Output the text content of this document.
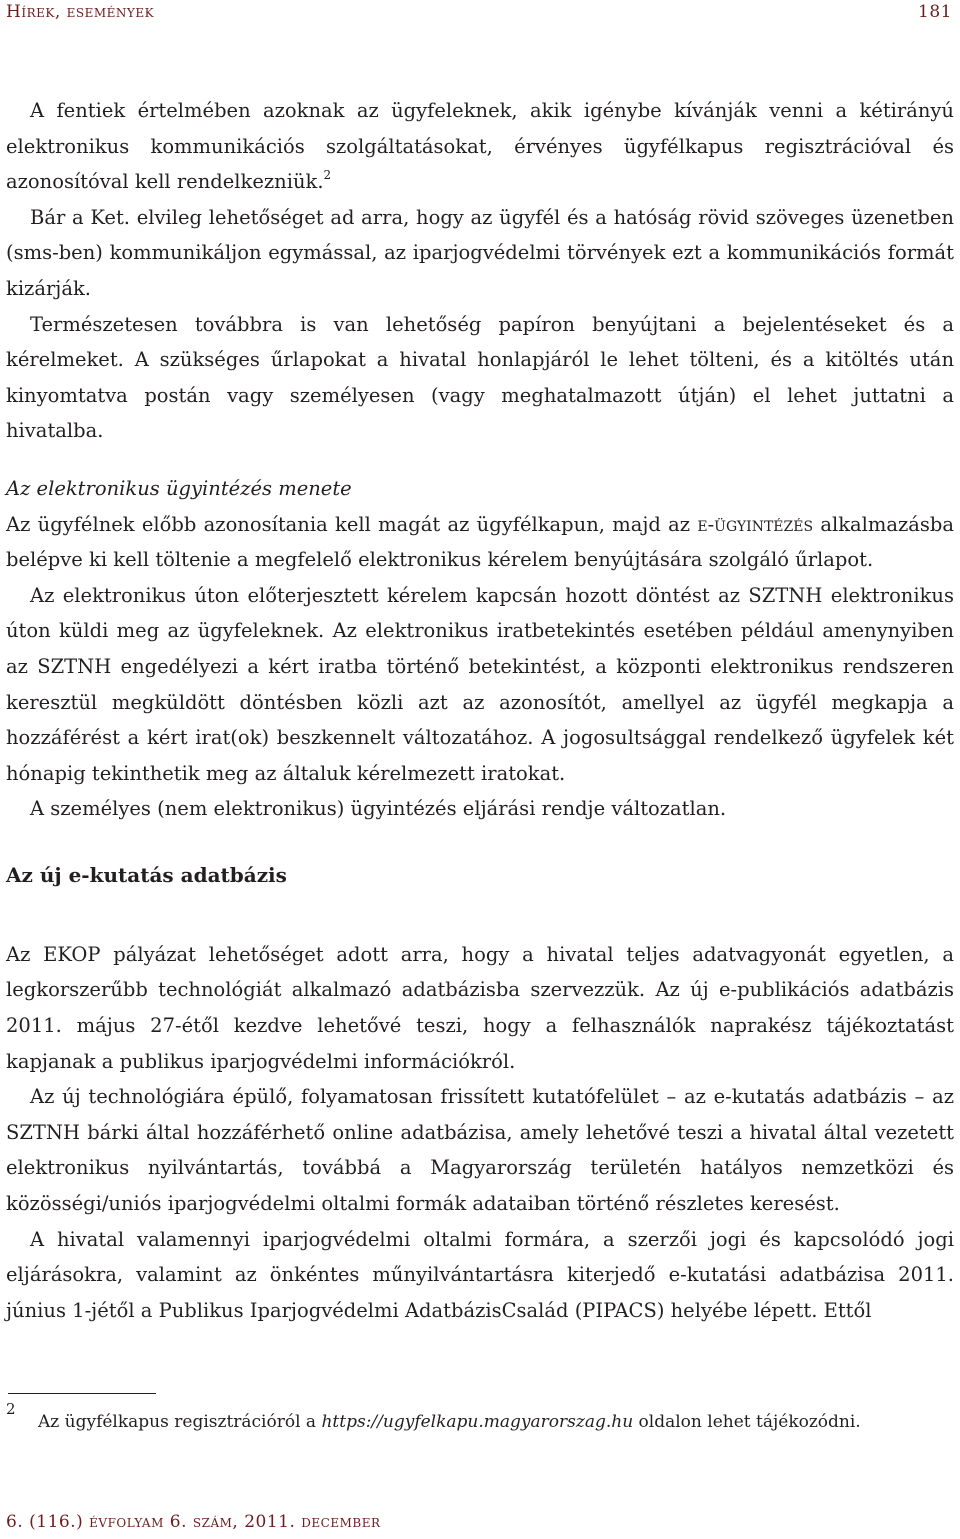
Hírek, események	181

A fentiek értelmében azoknak az ügyfeleknek, akik igénybe kívánják venni a kétirányú elektronikus kommunikációs szolgáltatásokat, érvényes ügyfélkapus regisztrációval és azonosítóval kell rendelkezniük.$^2$

Bár a Ket. elvileg lehetőséget ad arra, hogy az ügyfél és a hatóság rövid szöveges üzenetben (sms-ben) kommunikáljon egymással, az iparjogvédelmi törvények ezt a kommunikációs formát kizárják.

Természetesen továbbra is van lehetőség papíron benyújtani a bejelentéseket és a kérelmeket. A szükséges űrlapokat a hivatal honlapjáról le lehet tölteni, és a kitöltés után kinyomtatva postán vagy személyesen (vagy meghatalmazott útján) el lehet juttatni a hivatalba.

Az elektronikus ügyintézés menete

Az ügyfélnek előbb azonosítania kell magát az ügyfélkapun, majd az e-ügyintézés alkalmazásba belépve ki kell töltenie a megfelelő elektronikus kérelem benyújtására szolgáló űrlapot.

Az elektronikus úton előterjesztett kérelem kapcsán hozott döntést az SZTNH elektronikus úton küldi meg az ügyfeleknek. Az elektronikus iratbetekintés esetében például amenynyiben az SZTNH engedélyezi a kért iratba történő betekintést, a központi elektronikus rendszeren keresztül megküldött döntésben közli azt az azonosítót, amellyel az ügyfél megkapja a hozzáférést a kért irat(ok) beszkennelt változatához. A jogosultsággal rendelkező ügyfelek két hónapig tekinthetik meg az általuk kérelmezett iratokat.

A személyes (nem elektronikus) ügyintézés eljárási rendje változatlan.

Az új e-kutatás adatbázis

Az EKOP pályázat lehetőséget adott arra, hogy a hivatal teljes adatvagyonát egyetlen, a legkorszerűbb technológiát alkalmazó adatbázisba szervezzük. Az új e-publikációs adatbázis 2011. május 27-étől kezdve lehetővé teszi, hogy a felhasználók naprakész tájékoztatást kapjanak a publikus iparjogvédelmi információkról.

Az új technológiára épülő, folyamatosan frissített kutatófelület – az e-kutatás adatbázis – az SZTNH bárki által hozzáférhető online adatbázisa, amely lehetővé teszi a hivatal által vezetett elektronikus nyilvántartás, továbbá a Magyarország területén hatályos nemzetközi és közösségi/uniós iparjogvédelmi oltalmi formák adataiban történő részletes keresést.

A hivatal valamennyi iparjogvédelmi oltalmi formára, a szerzői jogi és kapcsolódó jogi eljárásokra, valamint az önkéntes műnyilvántartásra kiterjedő e-kutatási adatbázisa 2011. június 1-jétől a Publikus Iparjogvédelmi AdatbázisCsalád (PIPACS) helyébe lépett. Ettől

2
Az ügyfélkapus regisztrációról a https://ugyfelkapu.magyarorszag.hu oldalon lehet tájékozódni.
6. (116.) évfolyam 6. szám, 2011. december
